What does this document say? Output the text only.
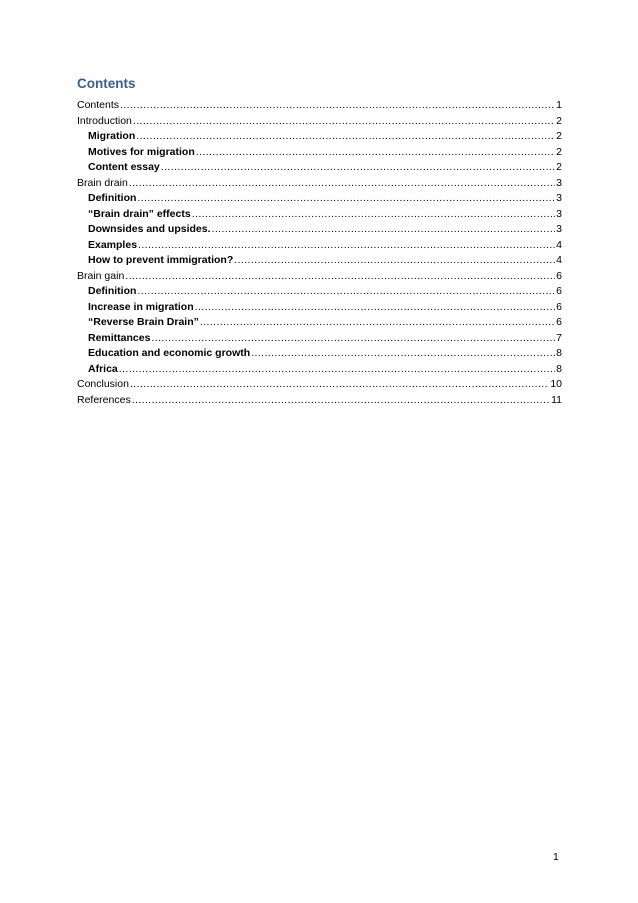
Contents
Contents .....	1
Introduction .....	2
Migration .....	2
Motives for migration .....	2
Content essay .....	2
Brain drain .....	3
Definition .....	3
“Brain drain” effects .....	3
Downsides and upsides. .....	3
Examples .....	4
How to prevent immigration? .....	4
Brain gain .....	6
Definition .....	6
Increase in migration .....	6
“Reverse Brain Drain” .....	6
Remittances .....	7
Education and economic growth .....	8
Africa .....	8
Conclusion .....	10
References .....	11
1
